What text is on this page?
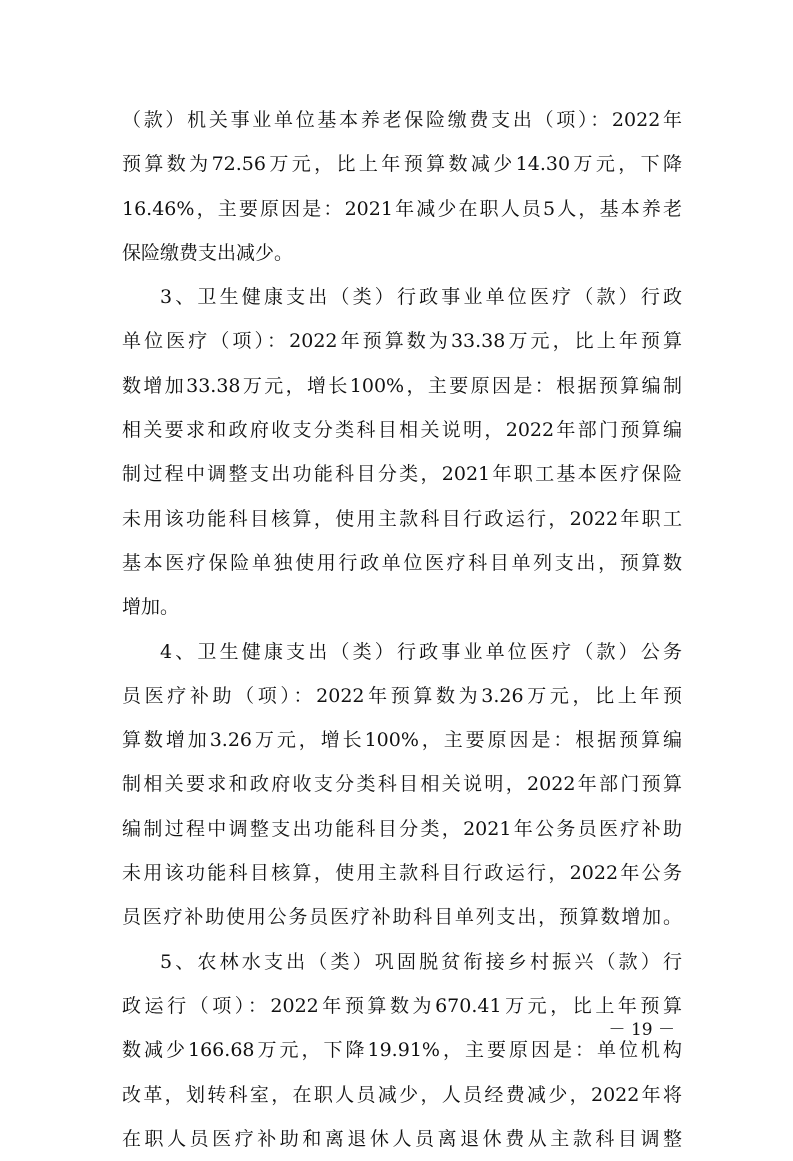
（款）机关事业单位基本养老保险缴费支出（项）：2022年
预算数为72.56万元，比上年预算数减少14.30万元，下降
16.46%，主要原因是：2021年减少在职人员5人，基本养老
保险缴费支出减少。
3、卫生健康支出（类）行政事业单位医疗（款）行政
单位医疗（项）：2022年预算数为33.38万元，比上年预算
数增加33.38万元，增长100%，主要原因是：根据预算编制
相关要求和政府收支分类科目相关说明，2022年部门预算编
制过程中调整支出功能科目分类，2021年职工基本医疗保险
未用该功能科目核算，使用主款科目行政运行，2022年职工
基本医疗保险单独使用行政单位医疗科目单列支出，预算数
增加。
4、卫生健康支出（类）行政事业单位医疗（款）公务
员医疗补助（项）：2022年预算数为3.26万元，比上年预
算数增加3.26万元，增长100%，主要原因是：根据预算编
制相关要求和政府收支分类科目相关说明，2022年部门预算
编制过程中调整支出功能科目分类，2021年公务员医疗补助
未用该功能科目核算，使用主款科目行政运行，2022年公务
员医疗补助使用公务员医疗补助科目单列支出，预算数增加。
5、农林水支出（类）巩固脱贫衔接乡村振兴（款）行
政运行（项）：2022年预算数为670.41万元，比上年预算
数减少166.68万元，下降19.91%，主要原因是：单位机构
改革，划转科室，在职人员减少，人员经费减少，2022年将
在职人员医疗补助和离退休人员离退休费从主款科目调整
－ 19 －
